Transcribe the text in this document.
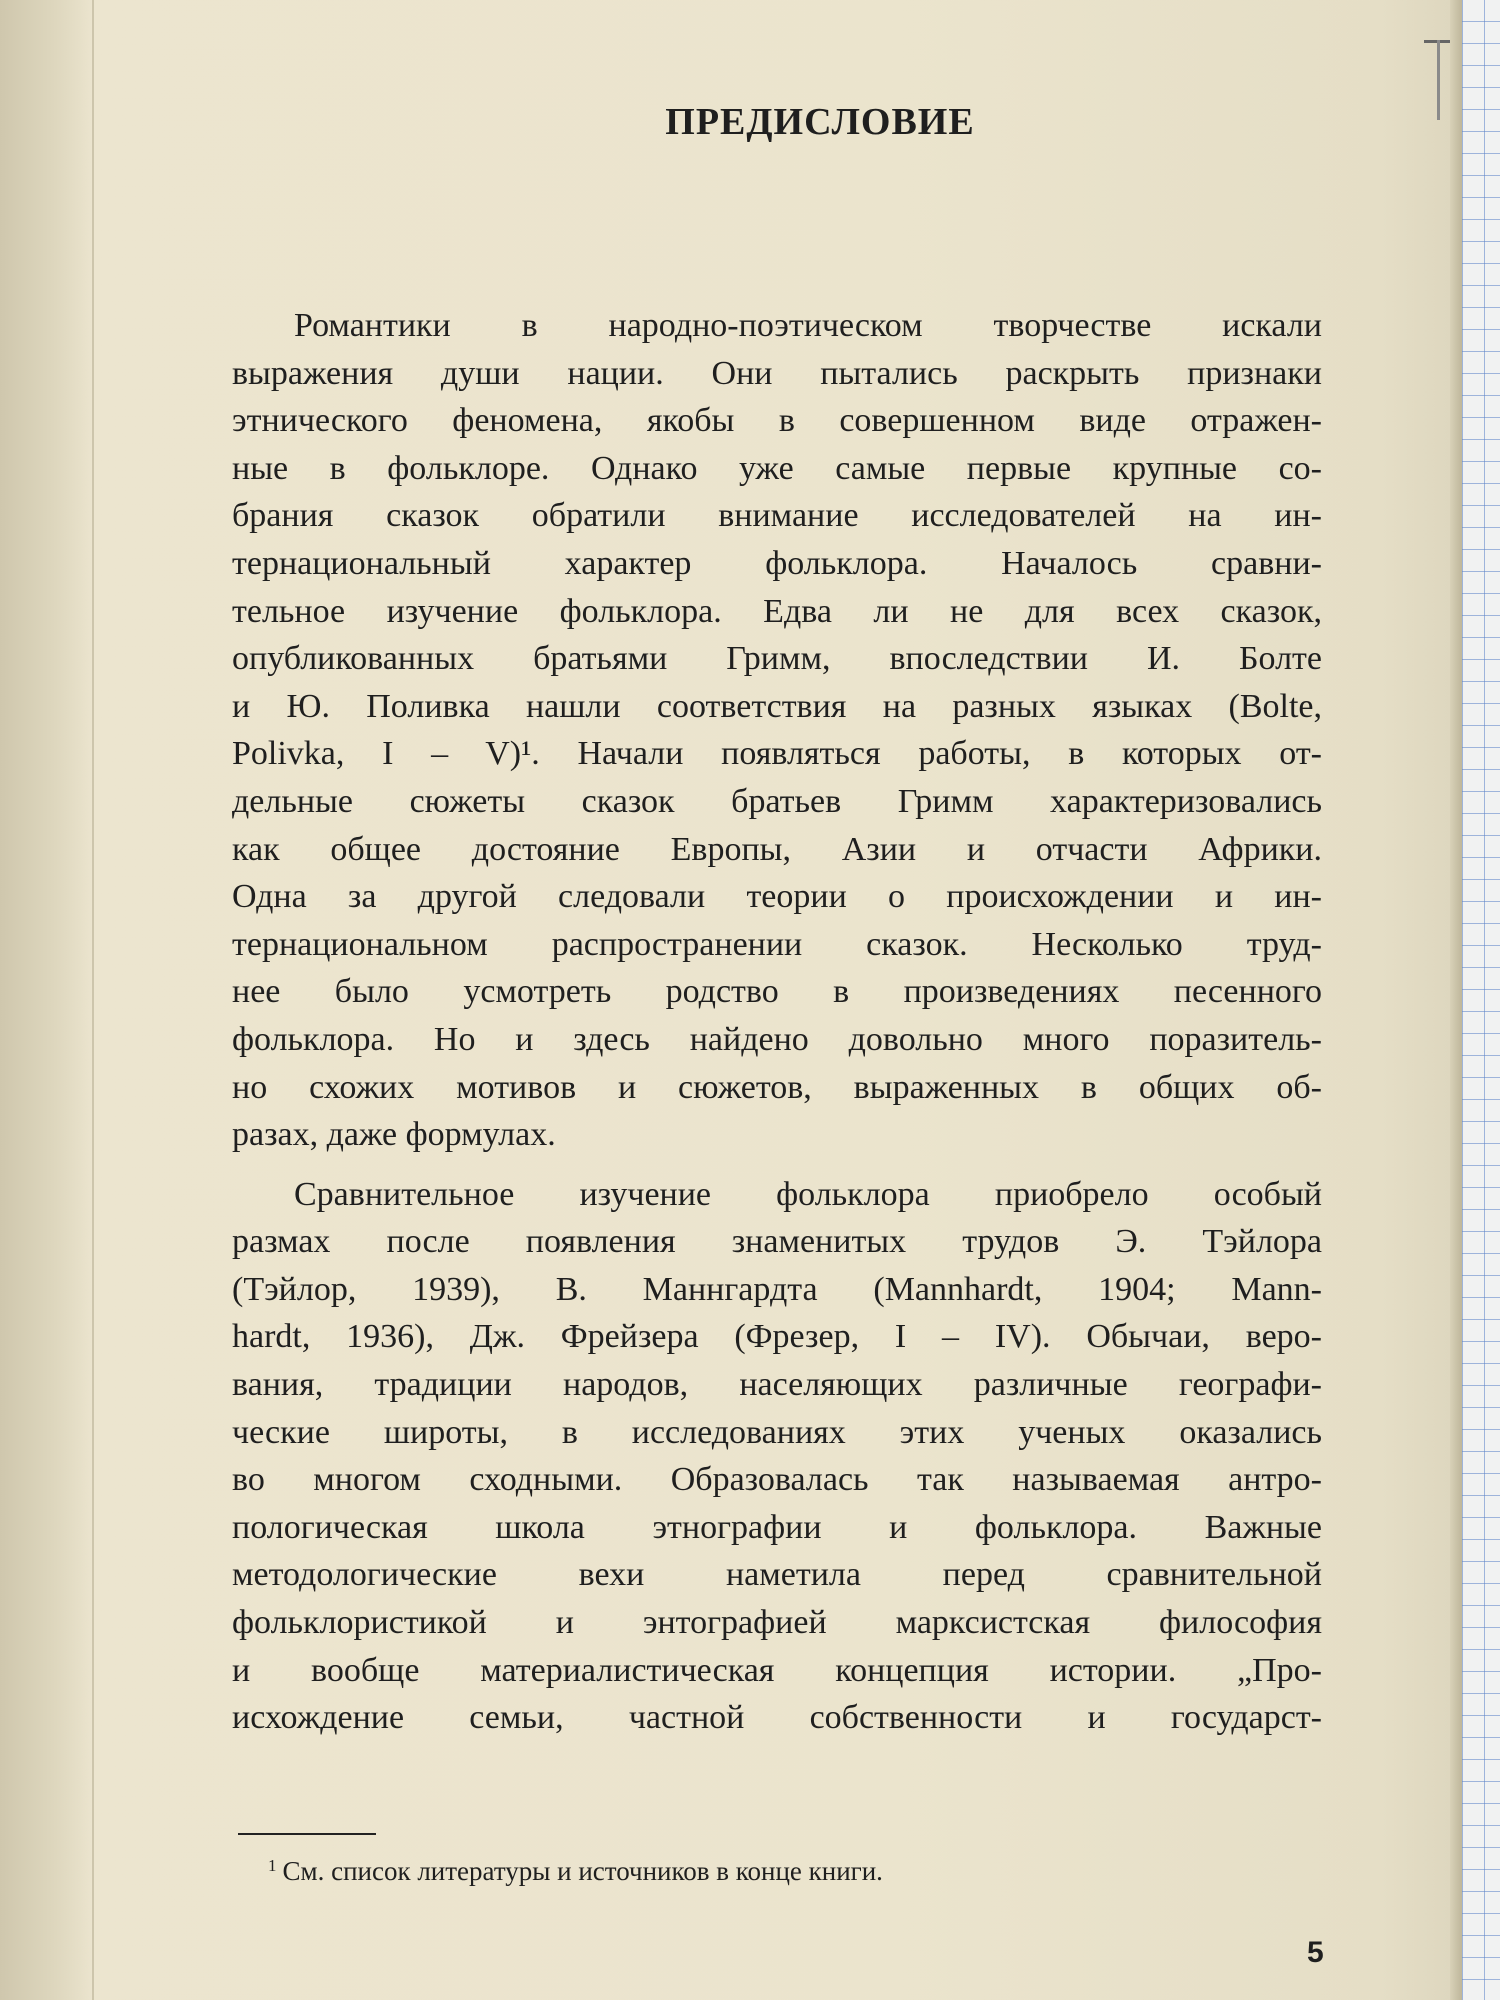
ПРЕДИСЛОВИЕ
Романтики в народно-поэтическом творчестве искали
выражения души нации. Они пытались раскрыть признаки
этнического феномена, якобы в совершенном виде отражен-
ные в фольклоре. Однако уже самые первые крупные со-
брания сказок обратили внимание исследователей на ин-
тернациональный характер фольклора. Началось сравни-
тельное изучение фольклора. Едва ли не для всех сказок,
опубликованных братьями Гримм, впоследствии И. Болте
и Ю. Поливка нашли соответствия на разных языках (Bolte,
Polivka, I – V)¹. Начали появляться работы, в которых от-
дельные сюжеты сказок братьев Гримм характеризовались
как общее достояние Европы, Азии и отчасти Африки.
Одна за другой следовали теории о происхождении и ин-
тернациональном распространении сказок. Несколько труд-
нее было усмотреть родство в произведениях песенного
фольклора. Но и здесь найдено довольно много поразитель-
но схожих мотивов и сюжетов, выраженных в общих об-
разах, даже формулах.
Сравнительное изучение фольклора приобрело особый
размах после появления знаменитых трудов Э. Тэйлора
(Тэйлор, 1939), В. Маннгардта (Mannhardt, 1904; Mann-
hardt, 1936), Дж. Фрейзера (Фрезер, I – IV). Обычаи, веро-
вания, традиции народов, населяющих различные географи-
ческие широты, в исследованиях этих ученых оказались
во многом сходными. Образовалась так называемая антро-
пологическая школа этнографии и фольклора. Важные
методологические вехи наметила перед сравнительной
фольклористикой и энтографией марксистская философия
и вообще материалистическая концепция истории. „Про-
исхождение семьи, частной собственности и государст-
$^1$ См. список литературы и источников в конце книги.
5
